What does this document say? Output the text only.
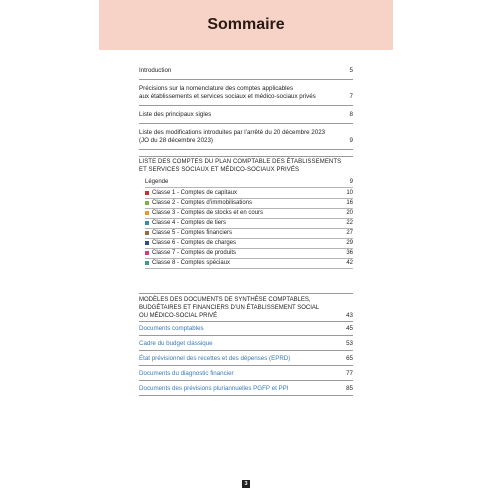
Sommaire
Introduction	5
Précisions sur la nomenclature des comptes applicables
aux établissements et services sociaux et médico-sociaux privés	7
Liste des principaux sigles	8
Liste des modifications introduites par l’arrêté du 20 décembre 2023
(JO du 28 décembre 2023)	9
LISTE DES COMPTES DU PLAN COMPTABLE DES ÉTABLISSEMENTS
ET SERVICES SOCIAUX ET MÉDICO-SOCIAUX PRIVÉS
Légende	9
Classe 1 - Comptes de capitaux	10
Classe 2 - Comptes d’immobilisations	16
Classe 3 - Comptes de stocks et en cours	20
Classe 4 - Comptes de tiers	22
Classe 5 - Comptes financiers	27
Classe 6 - Comptes de charges	29
Classe 7 - Comptes de produits	36
Classe 8 - Comptes spéciaux	42
MODÈLES DES DOCUMENTS DE SYNTHÈSE COMPTABLES,
BUDGÉTAIRES ET FINANCIERS D’UN ÉTABLISSEMENT SOCIAL
OU MÉDICO-SOCIAL PRIVÉ	43
Documents comptables	45
Cadre du budget classique	53
État prévisionnel des recettes et des dépenses (EPRD)	65
Documents du diagnostic financier	77
Documents des prévisions pluriannuelles PGFP et PPI	85
3
